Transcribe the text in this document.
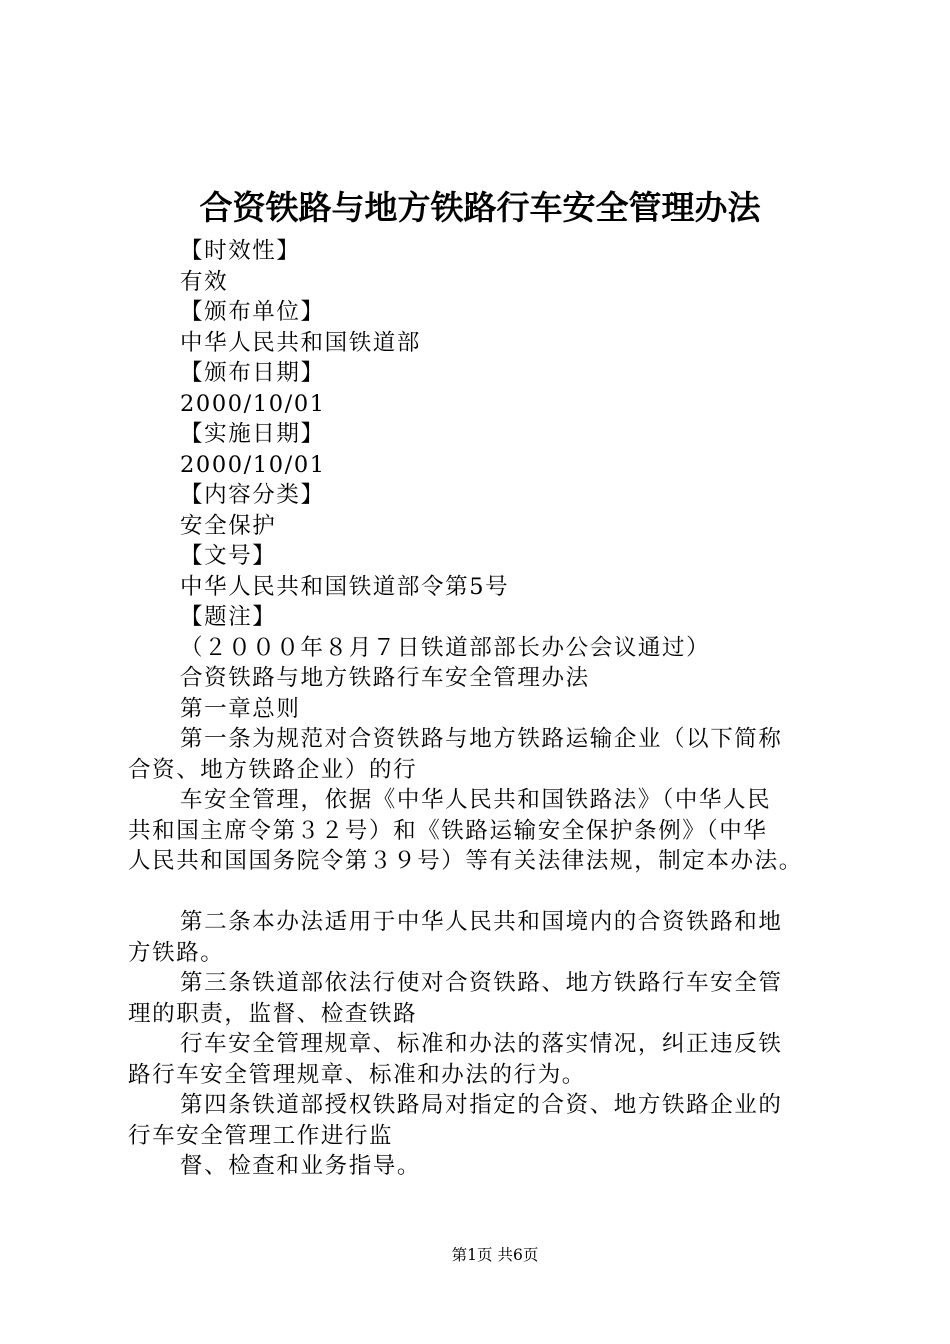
合资铁路与地方铁路行车安全管理办法
【时效性】
有效
【颁布单位】
中华人民共和国铁道部
【颁布日期】
2000/10/01
【实施日期】
2000/10/01
【内容分类】
安全保护
【文号】
中华人民共和国铁道部令第5号
【题注】
（２０００年８月７日铁道部部长办公会议通过）
合资铁路与地方铁路行车安全管理办法
第一章总则
第一条为规范对合资铁路与地方铁路运输企业（以下简称
合资、地方铁路企业）的行
车安全管理，依据《中华人民共和国铁路法》（中华人民
共和国主席令第３２号）和《铁路运输安全保护条例》（中华
人民共和国国务院令第３９号）等有关法律法规，制定本办法。
第二条本办法适用于中华人民共和国境内的合资铁路和地
方铁路。
第三条铁道部依法行使对合资铁路、地方铁路行车安全管
理的职责，监督、检查铁路
行车安全管理规章、标准和办法的落实情况，纠正违反铁
路行车安全管理规章、标准和办法的行为。
第四条铁道部授权铁路局对指定的合资、地方铁路企业的
行车安全管理工作进行监
督、检查和业务指导。
第1页 共6页
